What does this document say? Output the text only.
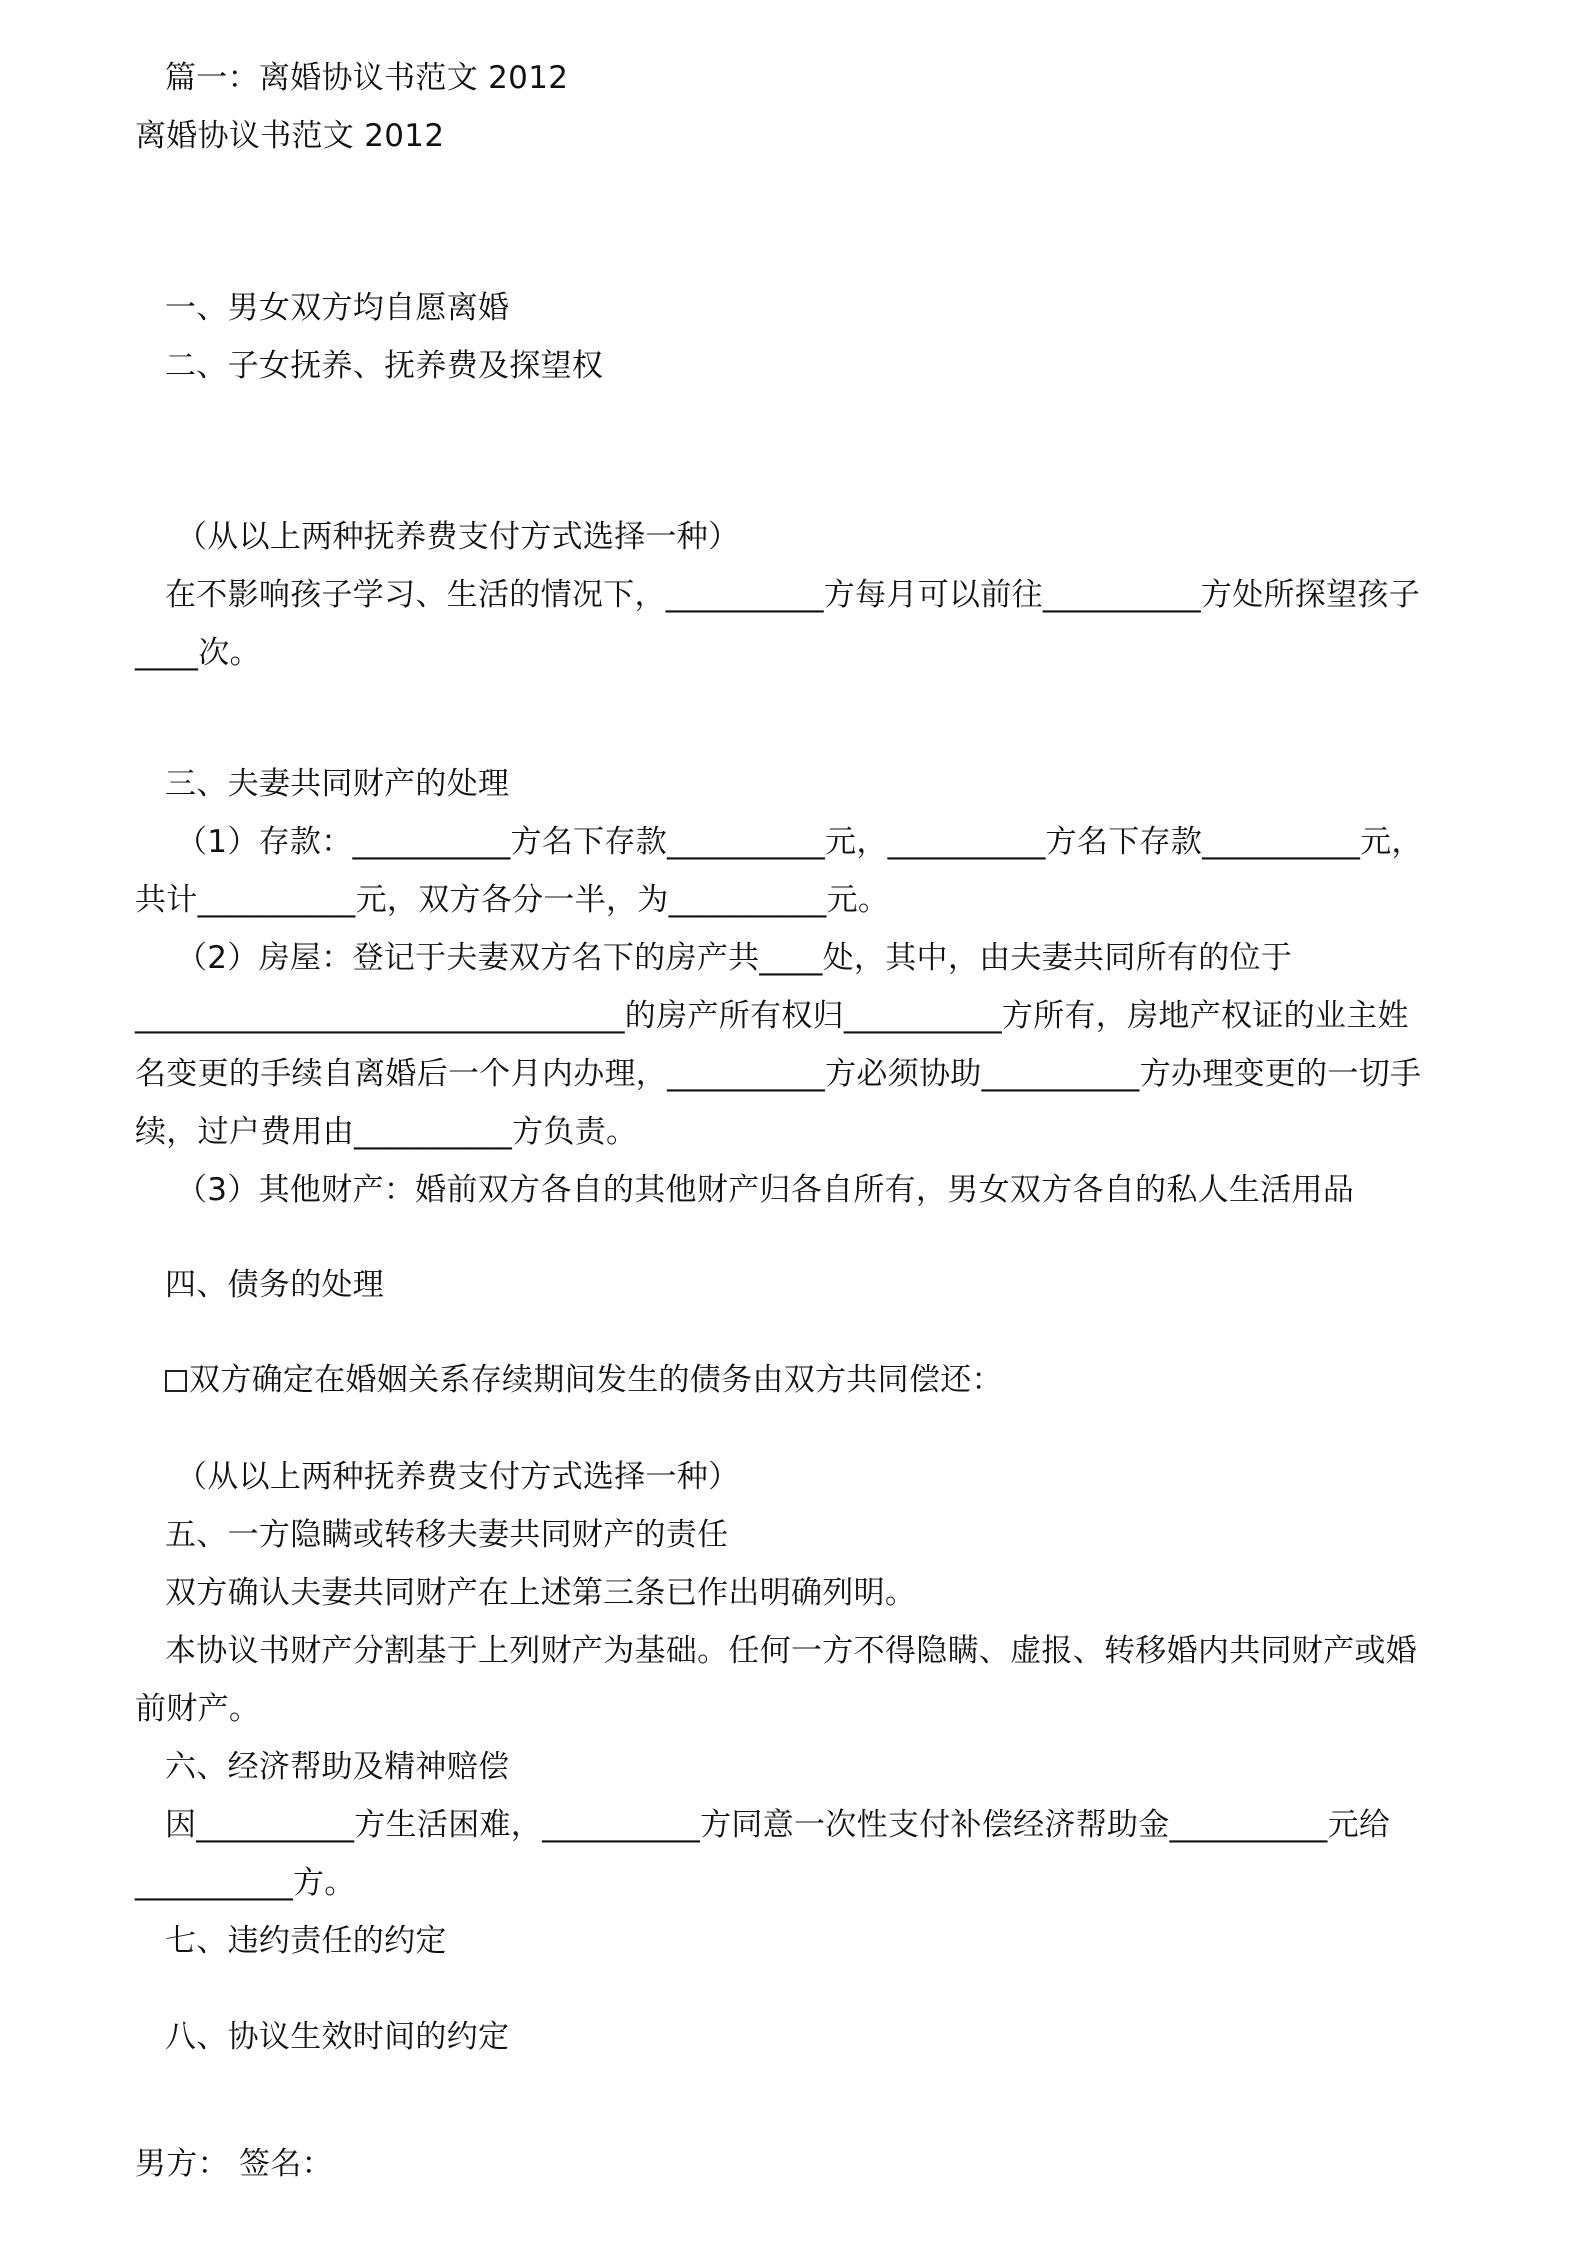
篇一：离婚协议书范文 2012
离婚协议书范文 2012
一、男女双方均自愿离婚
二、子女抚养、抚养费及探望权
（从以上两种抚养费支付方式选择一种）
在不影响孩子学习、生活的情况下，__________方每月可以前往__________方处所探望孩子
____次。
三、夫妻共同财产的处理
（1）存款：__________方名下存款__________元，__________方名下存款__________元，
共计__________元，双方各分一半，为__________元。
（2）房屋：登记于夫妻双方名下的房产共____处，其中，由夫妻共同所有的位于
_______________________________的房产所有权归__________方所有，房地产权证的业主姓
名变更的手续自离婚后一个月内办理，__________方必须协助__________方办理变更的一切手
续，过户费用由__________方负责。
（3）其他财产：婚前双方各自的其他财产归各自所有，男女双方各自的私人生活用品
四、债务的处理
双方确定在婚姻关系存续期间发生的债务由双方共同偿还：
（从以上两种抚养费支付方式选择一种）
五、一方隐瞒或转移夫妻共同财产的责任
双方确认夫妻共同财产在上述第三条已作出明确列明。
本协议书财产分割基于上列财产为基础。任何一方不得隐瞒、虚报、转移婚内共同财产或婚
前财产。
六、经济帮助及精神赔偿
因__________方生活困难，__________方同意一次性支付补偿经济帮助金__________元给
__________方。
七、违约责任的约定
八、协议生效时间的约定
男方： 签名：
